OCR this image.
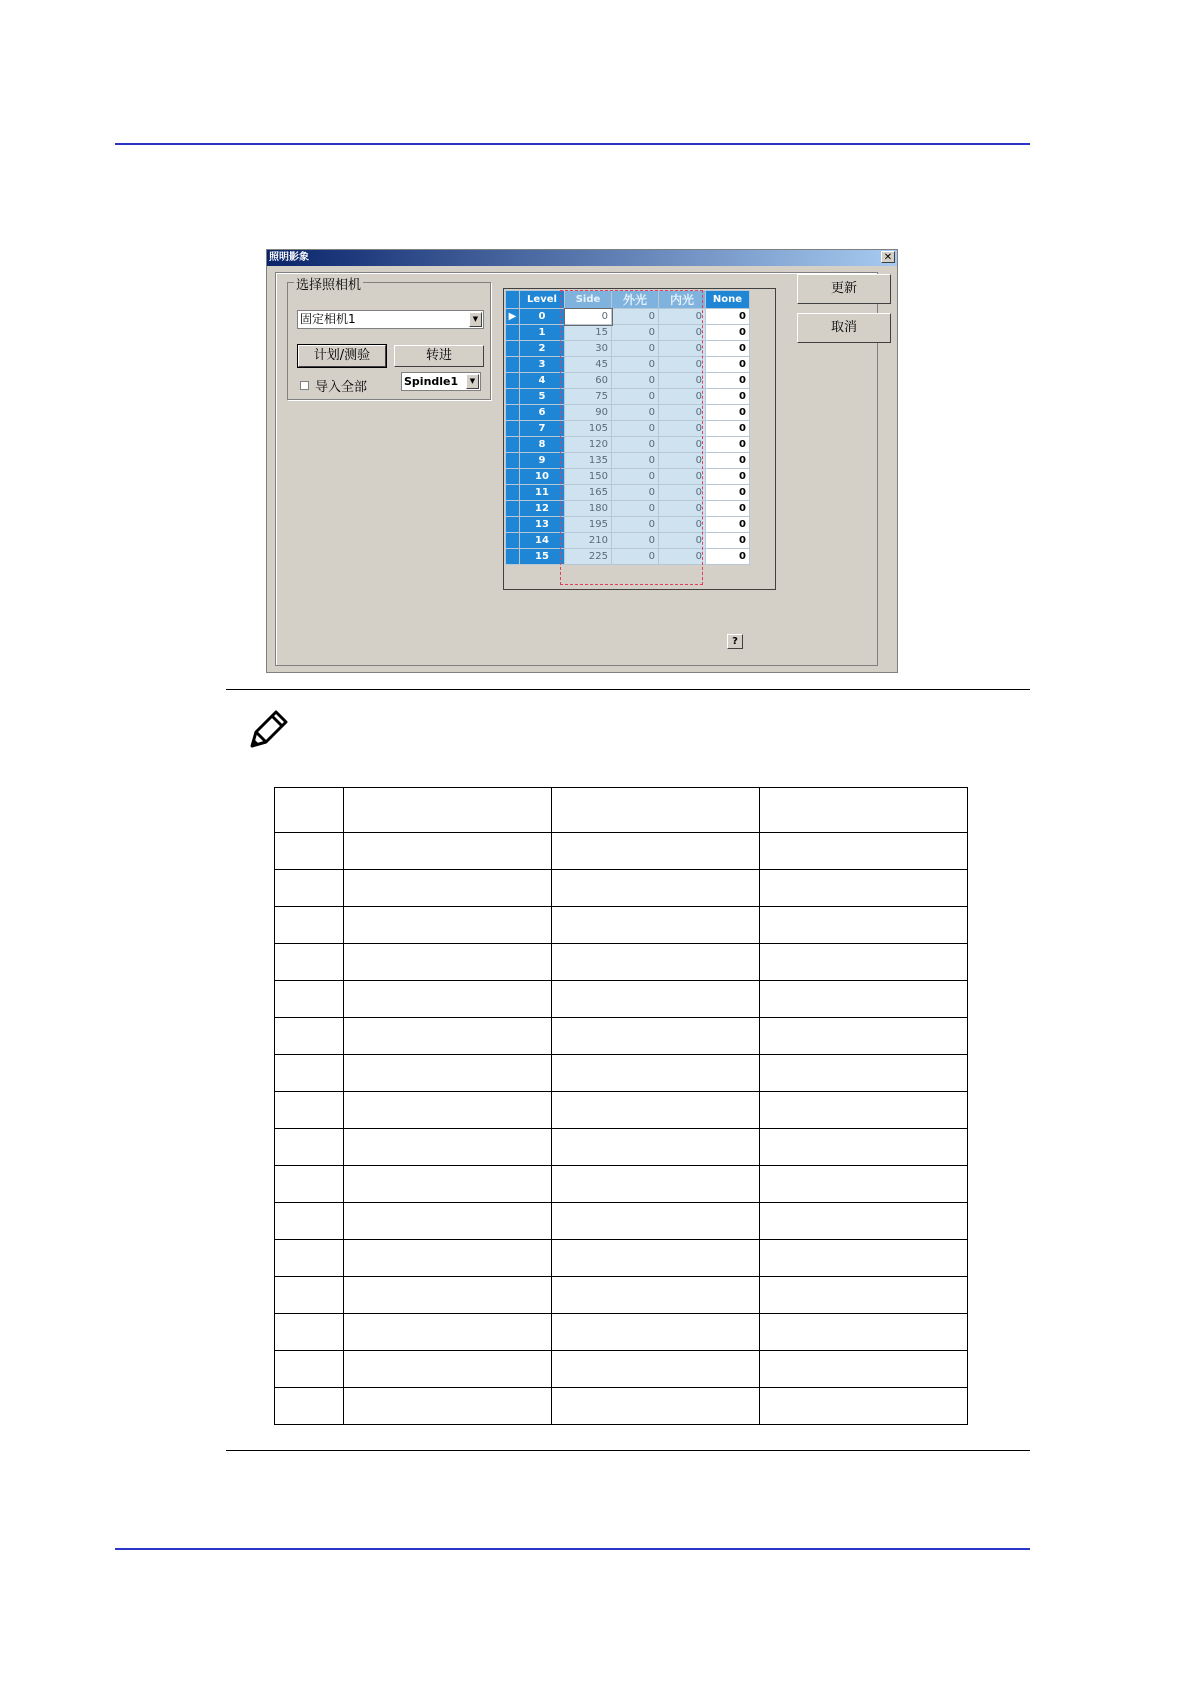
照明影象	✕
选择照相机
固定相机1	▼
计划/测验	转进
导入全部	Spindle1	▼
	Level	Side	外光	内光	None
▶	0	0	0	0	0
	1	15	0	0	0
	2	30	0	0	0
	3	45	0	0	0
	4	60	0	0	0
	5	75	0	0	0
	6	90	0	0	0
	7	105	0	0	0
	8	120	0	0	0
	9	135	0	0	0
	10	150	0	0	0
	11	165	0	0	0
	12	180	0	0	0
	13	195	0	0	0
	14	210	0	0	0
	15	225	0	0	0
更新
取消
?
